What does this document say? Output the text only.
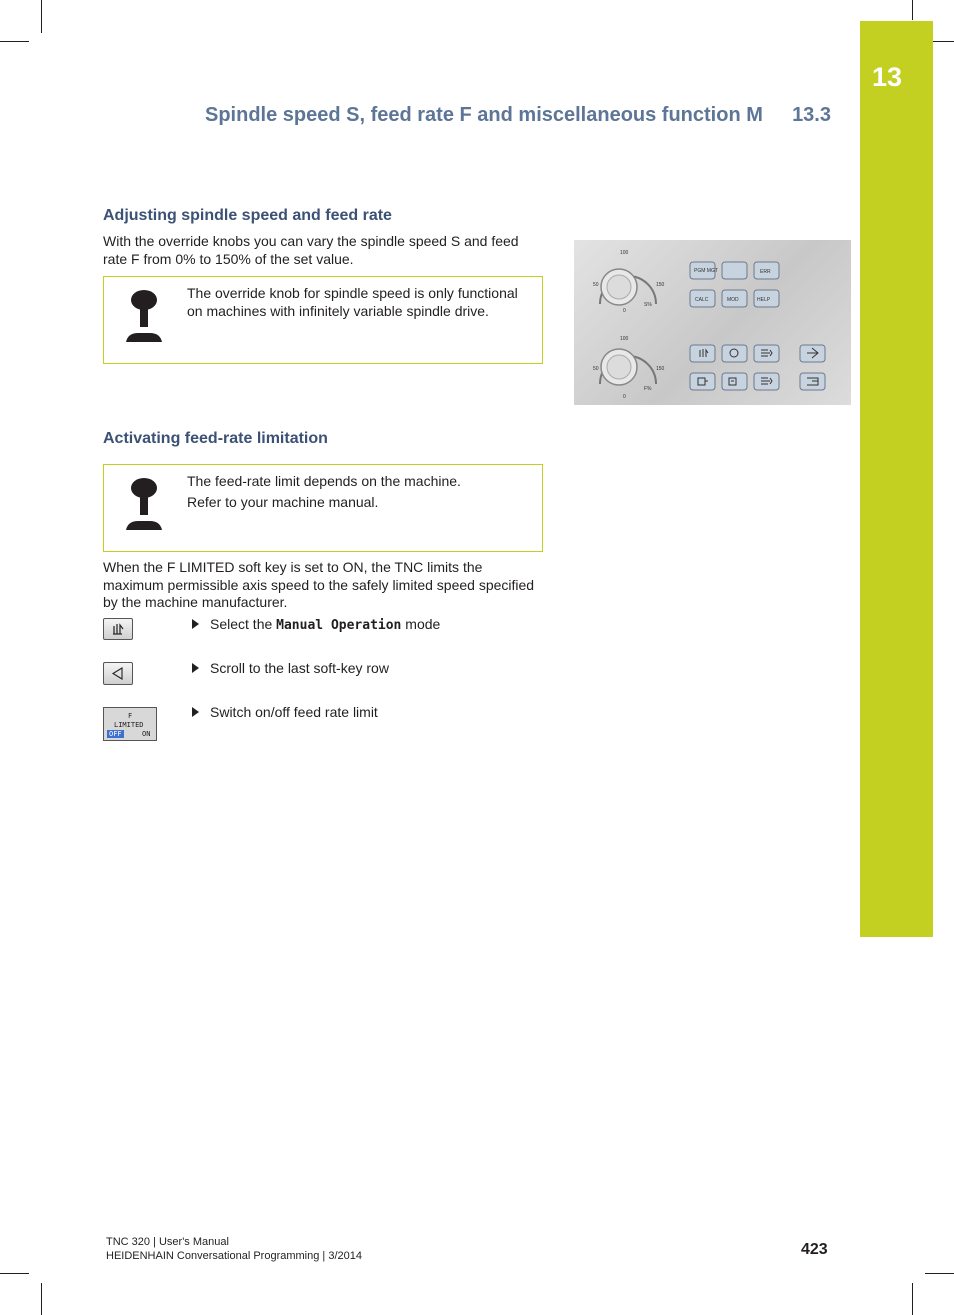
13
Spindle speed S, feed rate F and miscellaneous function M 13.3
Adjusting spindle speed and feed rate

With the override knobs you can vary the spindle speed S and feed rate F from 0% to 150% of the set value.

The override knob for spindle speed is only functional on machines with infinitely variable spindle drive.

100
50	150
0
S%
100
50	150
0
F%
PGM MGT	ERR
CALC	MOD	HELP
Activating feed-rate limitation

The feed-rate limit depends on the machine.

Refer to your machine manual.

When the F LIMITED soft key is set to ON, the TNC limits the maximum permissible axis speed to the safely limited speed specified by the machine manufacturer.

Select the Manual Operation mode
Scroll to the last soft-key row
F
LIMITED
OFF	ON
Switch on/off feed rate limit
TNC 320 | User's Manual
HEIDENHAIN Conversational Programming | 3/2014	423
